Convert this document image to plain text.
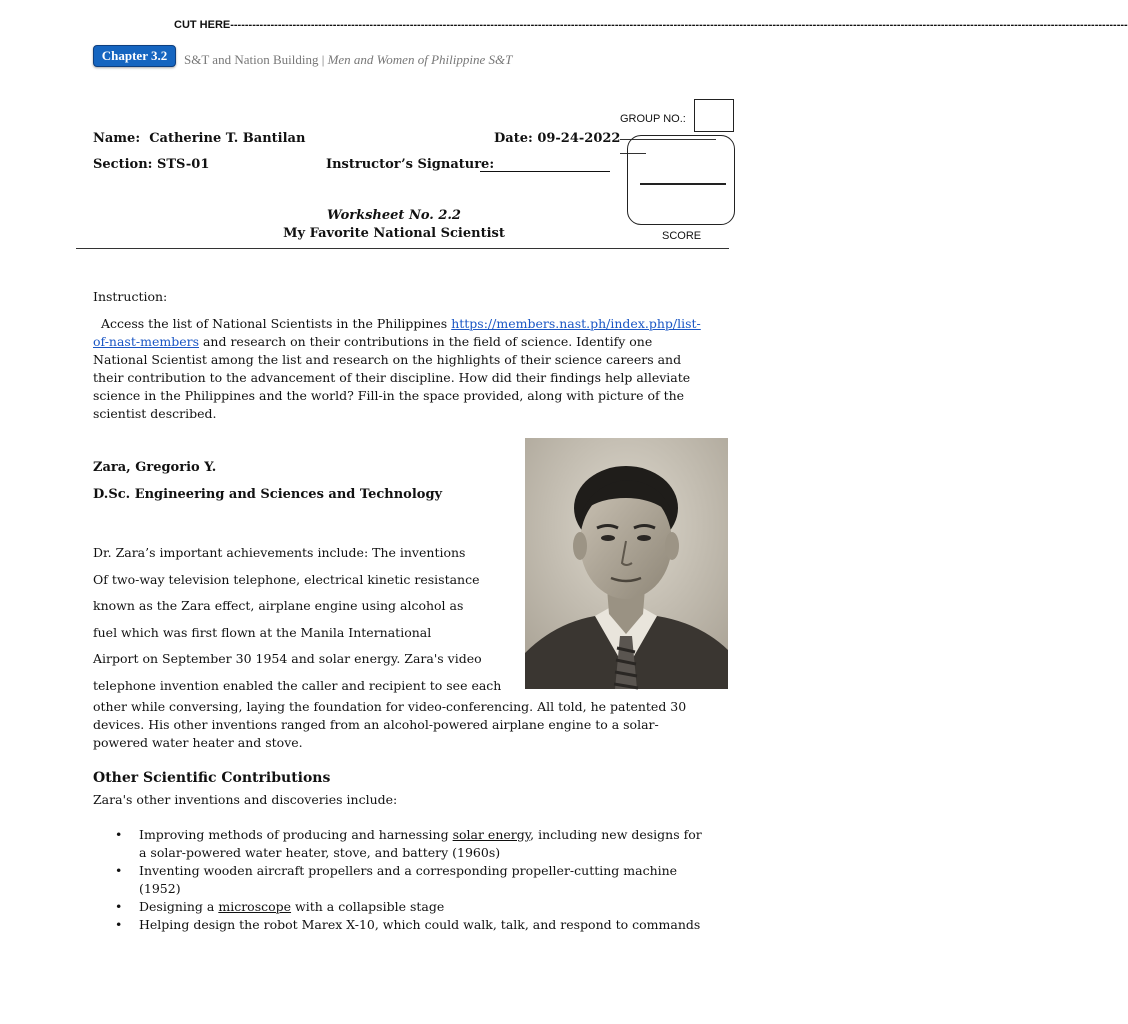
CUT HERE-----------------------------------------------------------------------------------------------------------------------------------------------------------------------------------------------------------------------------------------------------
Chapter 3.2	S&T and Nation Building | Men and Women of Philippine S&T
GROUP NO.:
SCORE
Name: Catherine T. Bantilan	Date: 09-24-2022
Section: STS-01	Instructor’s Signature:
Worksheet No. 2.2
My Favorite National Scientist
Instruction:
Access the list of National Scientists in the Philippines https://members.nast.ph/index.php/list-of-nast-members and research on their contributions in the field of science. Identify one National Scientist among the list and research on the highlights of their science careers and their contribution to the advancement of their discipline. How did their findings help alleviate science in the Philippines and the world? Fill-in the space provided, along with picture of the scientist described.
Zara, Gregorio Y.
D.Sc. Engineering and Sciences and Technology
Dr. Zara’s important achievements include: The inventions
Of two-way television telephone, electrical kinetic resistance
known as the Zara effect, airplane engine using alcohol as
fuel which was first flown at the Manila International
Airport on September 30 1954 and solar energy. Zara's video
telephone invention enabled the caller and recipient to see each
other while conversing, laying the foundation for video-conferencing. All told, he patented 30 devices. His other inventions ranged from an alcohol-powered airplane engine to a solar-powered water heater and stove.
Other Scientific Contributions
Zara's other inventions and discoveries include:
• Improving methods of producing and harnessing solar energy, including new designs for a solar-powered water heater, stove, and battery (1960s)
• Inventing wooden aircraft propellers and a corresponding propeller-cutting machine (1952)
• Designing a microscope with a collapsible stage
• Helping design the robot Marex X-10, which could walk, talk, and respond to commands
